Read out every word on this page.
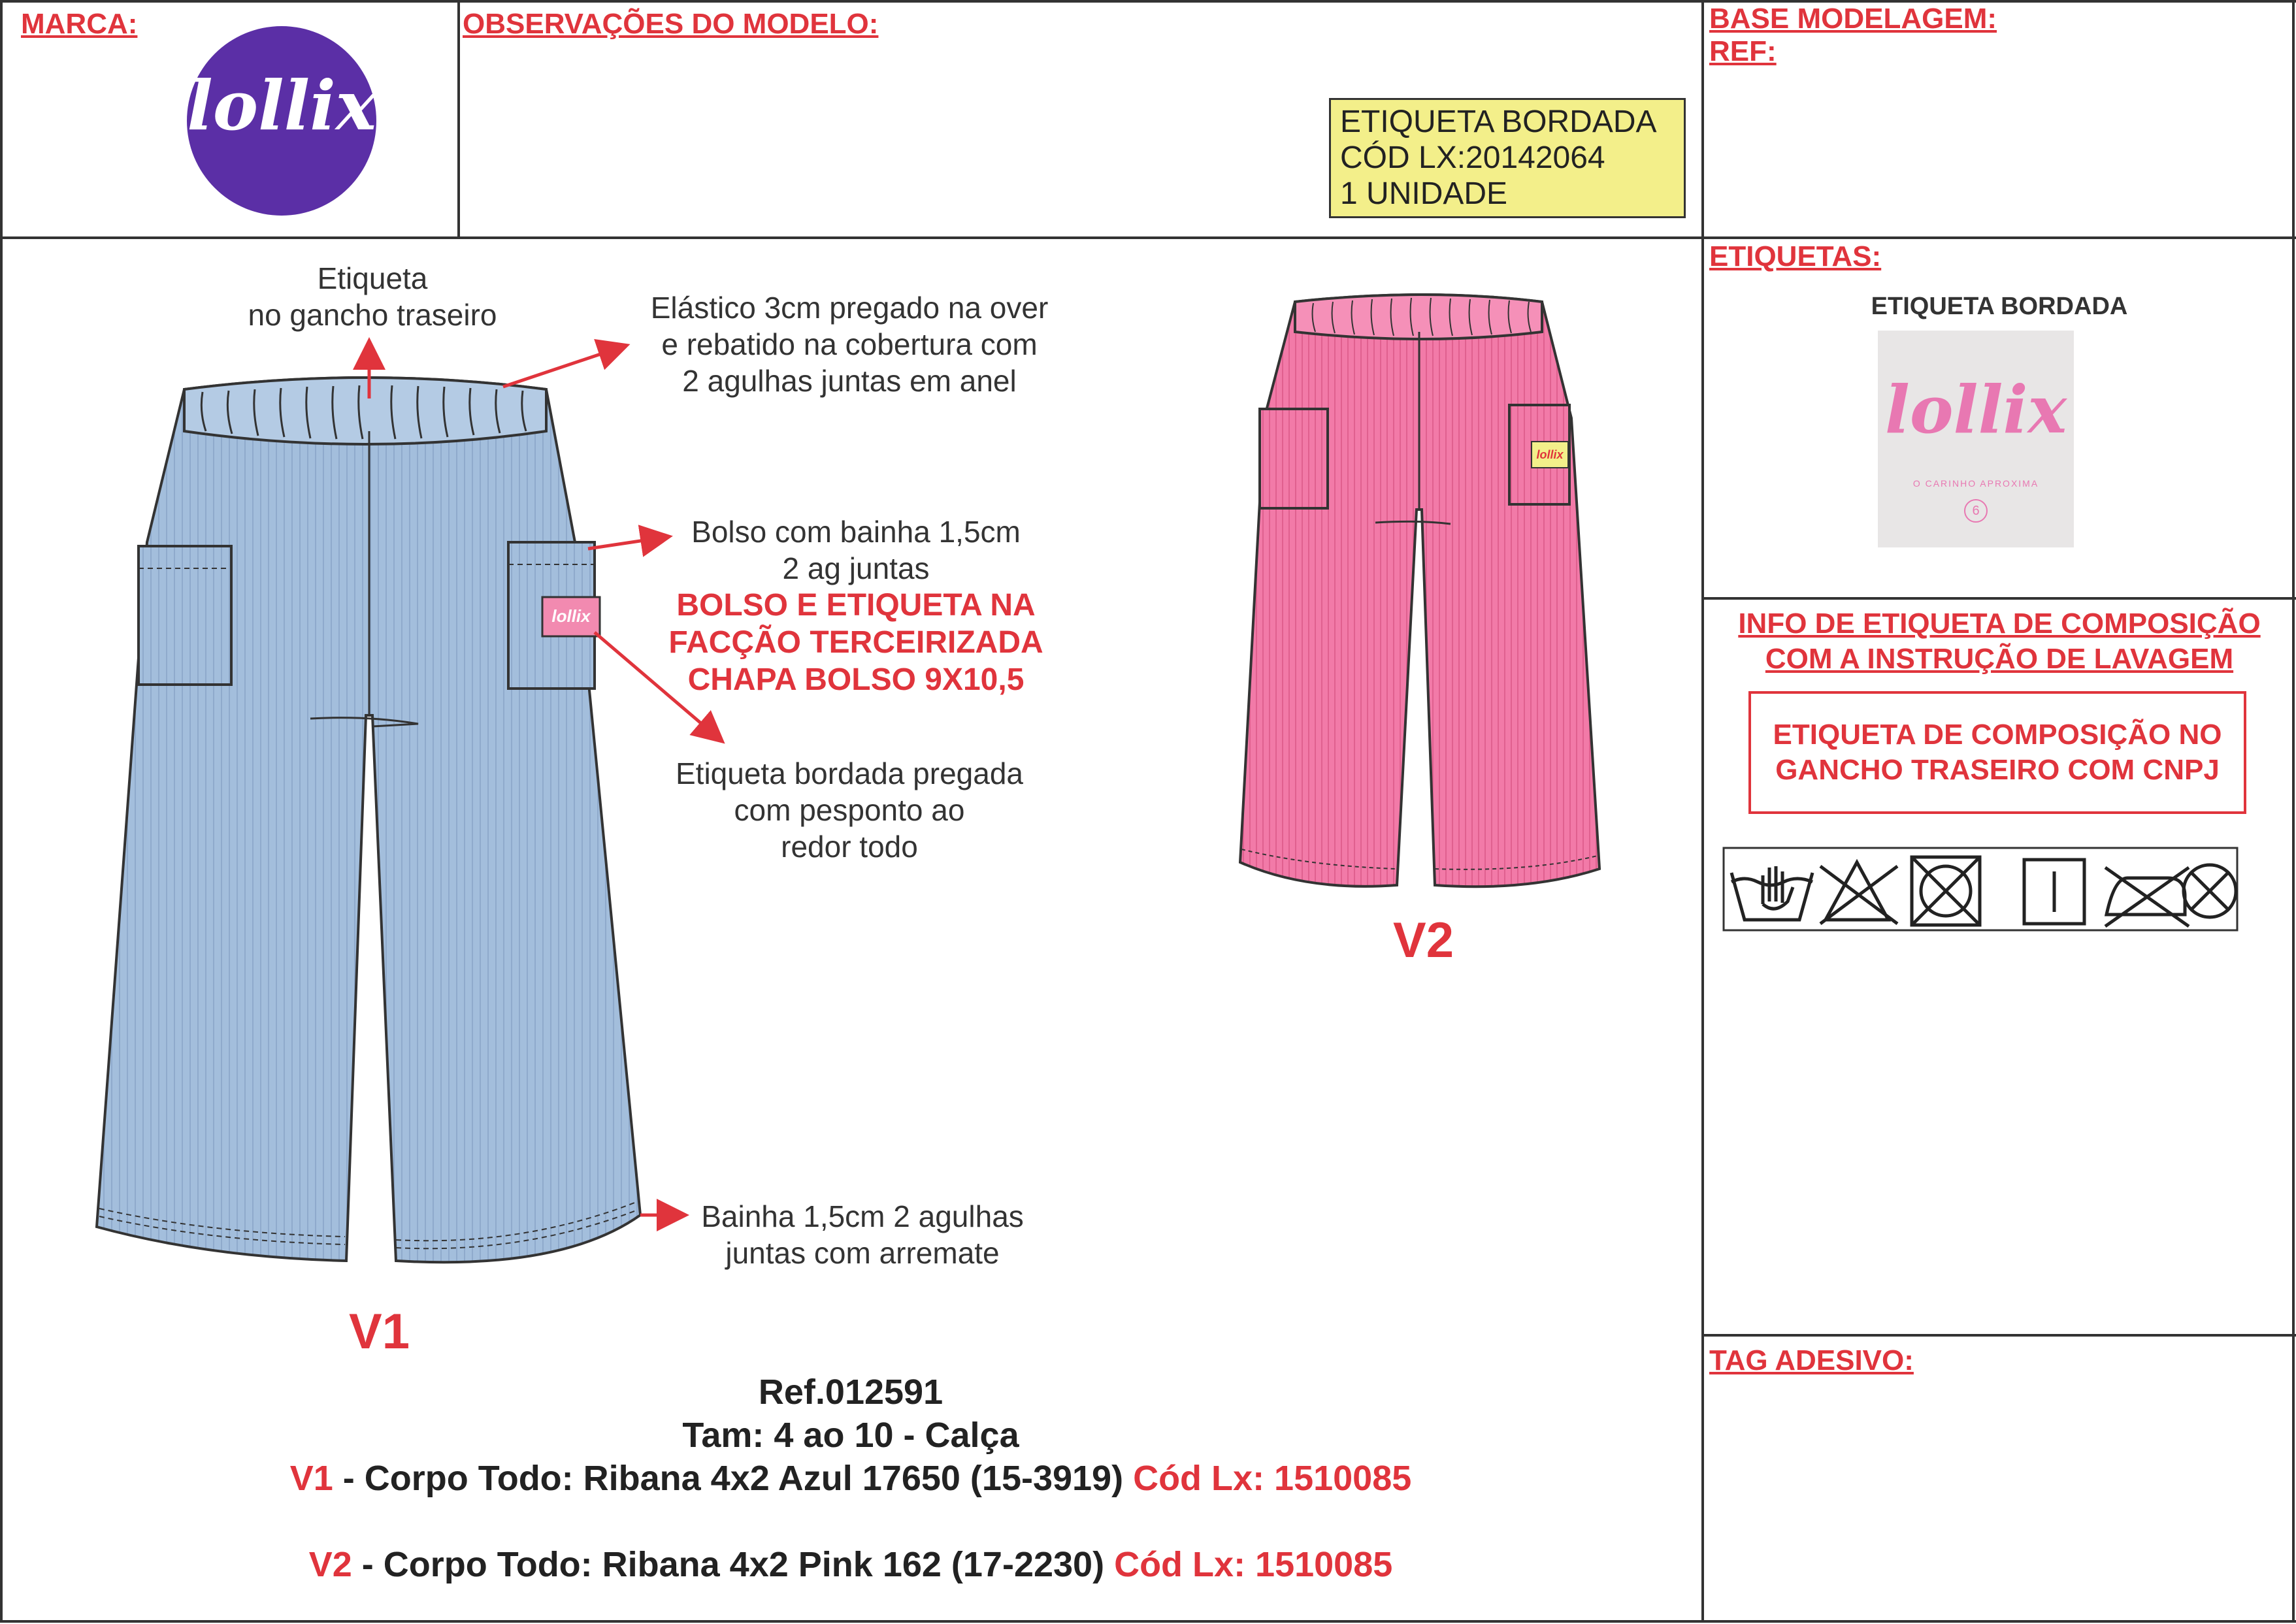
MARCA:
lollix
OBSERVAÇÕES DO MODELO:	BASE MODELAGEM:
REF:
ETIQUETA BORDADA
CÓD LX:20142064
1 UNIDADE
lollix
lollix
Etiqueta
no gancho traseiro	Elástico 3cm pregado na over
e rebatido na cobertura com
2 agulhas juntas em anel
Bolso com bainha 1,5cm
2 ag juntas
BOLSO E ETIQUETA NA
FACÇÃO TERCEIRIZADA
CHAPA BOLSO 9X10,5
Etiqueta bordada pregada
com pesponto ao
redor todo
Bainha 1,5cm 2 agulhas
juntas com arremate
V1
V2
Ref.012591
Tam: 4 ao 10 - Calça
V1 - Corpo Todo: Ribana 4x2 Azul 17650 (15-3919) Cód Lx: 1510085
V2 - Corpo Todo: Ribana 4x2 Pink 162 (17-2230) Cód Lx: 1510085
ETIQUETAS:
ETIQUETA BORDADA
lollix
O CARINHO APROXIMA
6
INFO DE ETIQUETA DE COMPOSIÇÃO
COM A INSTRUÇÃO DE LAVAGEM
ETIQUETA DE COMPOSIÇÃO NO
GANCHO TRASEIRO COM CNPJ
TAG ADESIVO:
